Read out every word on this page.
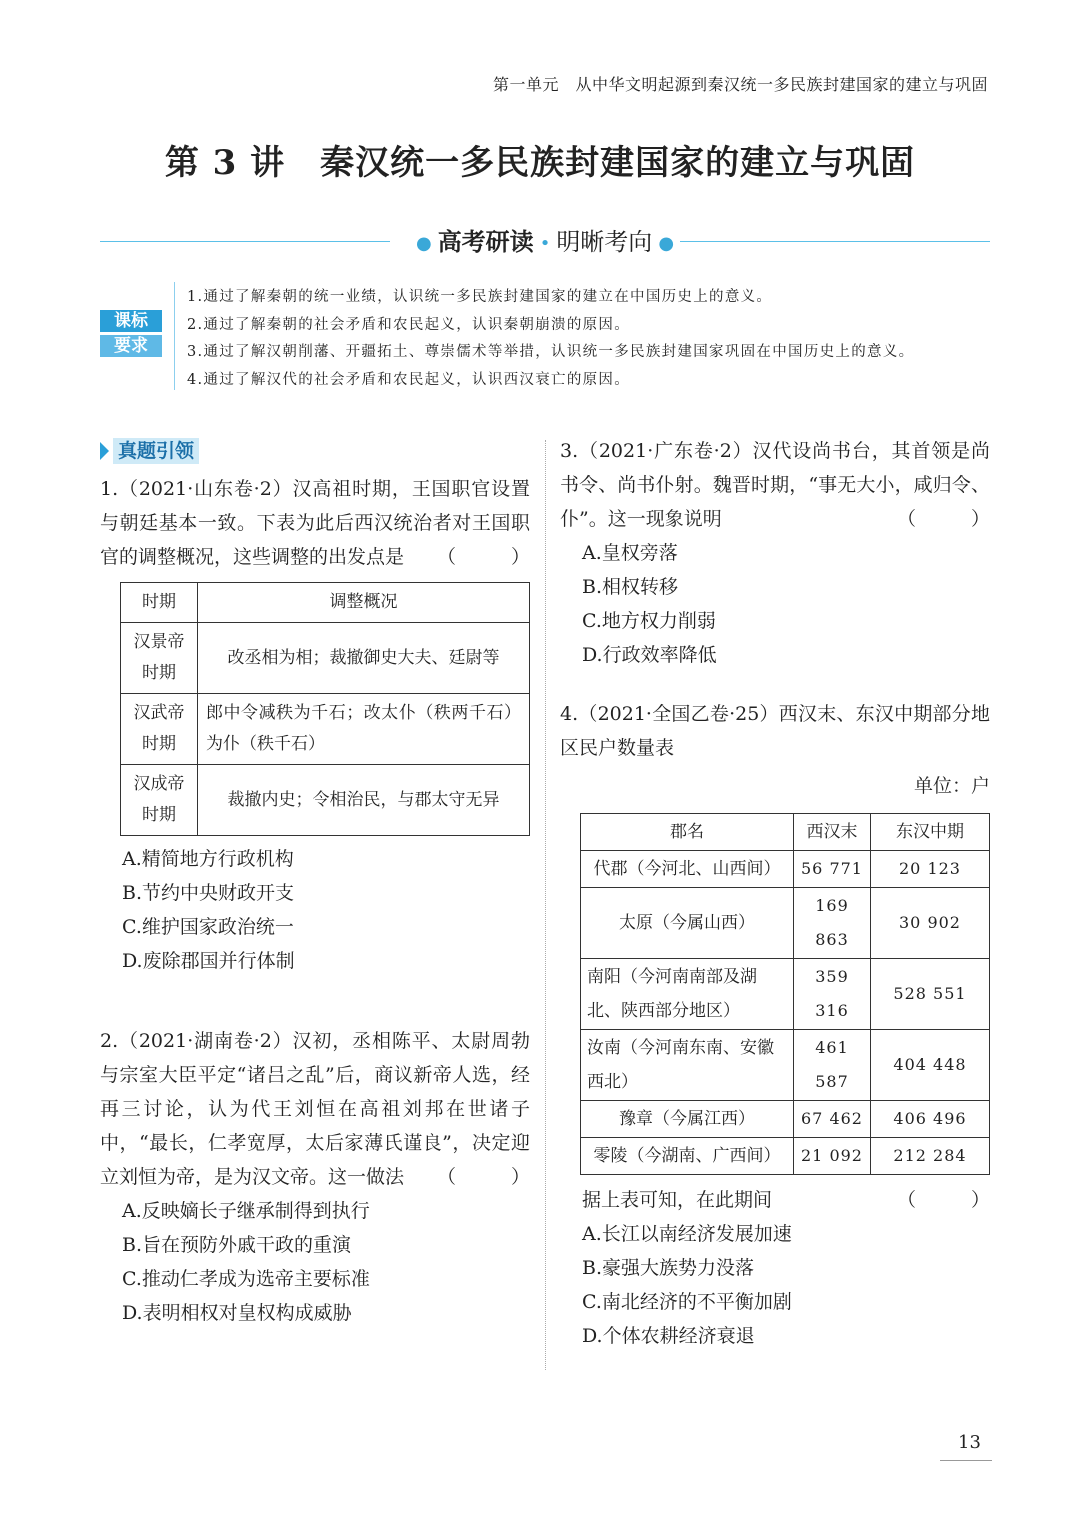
第一单元　从中华文明起源到秦汉统一多民族封建国家的建立与巩固
第 3 讲　秦汉统一多民族封建国家的建立与巩固
● 高考研读 • 明晰考向 ●
课标
要求
1.通过了解秦朝的统一业绩，认识统一多民族封建国家的建立在中国历史上的意义。
2.通过了解秦朝的社会矛盾和农民起义，认识秦朝崩溃的原因。
3.通过了解汉朝削藩、开疆拓土、尊崇儒术等举措，认识统一多民族封建国家巩固在中国历史上的意义。
4.通过了解汉代的社会矛盾和农民起义，认识西汉衰亡的原因。
真题引领
1.（2021·山东卷·2）汉高祖时期，王国职官设置与朝廷基本一致。下表为此后西汉统治者对王国职官的调整概况，这些调整的出发点是 （　）
时期	调整概况
汉景帝时期	改丞相为相；裁撤御史大夫、廷尉等
汉武帝时期	郎中令减秩为千石；改太仆（秩两千石）为仆（秩千石）
汉成帝时期	裁撤内史；令相治民，与郡太守无异
A.精简地方行政机构
B.节约中央财政开支
C.维护国家政治统一
D.废除郡国并行体制
2.（2021·湖南卷·2）汉初，丞相陈平、太尉周勃与宗室大臣平定“诸吕之乱”后，商议新帝人选，经再三讨论，认为代王刘恒在高祖刘邦在世诸子中，“最长，仁孝宽厚，太后家薄氏谨良”，决定迎立刘恒为帝，是为汉文帝。这一做法 （　）
A.反映嫡长子继承制得到执行
B.旨在预防外戚干政的重演
C.推动仁孝成为选帝主要标准
D.表明相权对皇权构成威胁
3.（2021·广东卷·2）汉代设尚书台，其首领是尚书令、尚书仆射。魏晋时期，“事无大小，咸归令、仆”。这一现象说明	（　）
A.皇权旁落
B.相权转移
C.地方权力削弱
D.行政效率降低
4.（2021·全国乙卷·25）西汉末、东汉中期部分地区民户数量表
单位：户
郡名	西汉末	东汉中期
代郡（今河北、山西间）	56 771	20 123
太原（今属山西）	169 863	30 902
南阳（今河南南部及湖北、陕西部分地区）	359 316	528 551
汝南（今河南东南、安徽西北）	461 587	404 448
豫章（今属江西）	67 462	406 496
零陵（今湖南、广西间）	21 092	212 284
据上表可知，在此期间	（　）
A.长江以南经济发展加速
B.豪强大族势力没落
C.南北经济的不平衡加剧
D.个体农耕经济衰退
13
